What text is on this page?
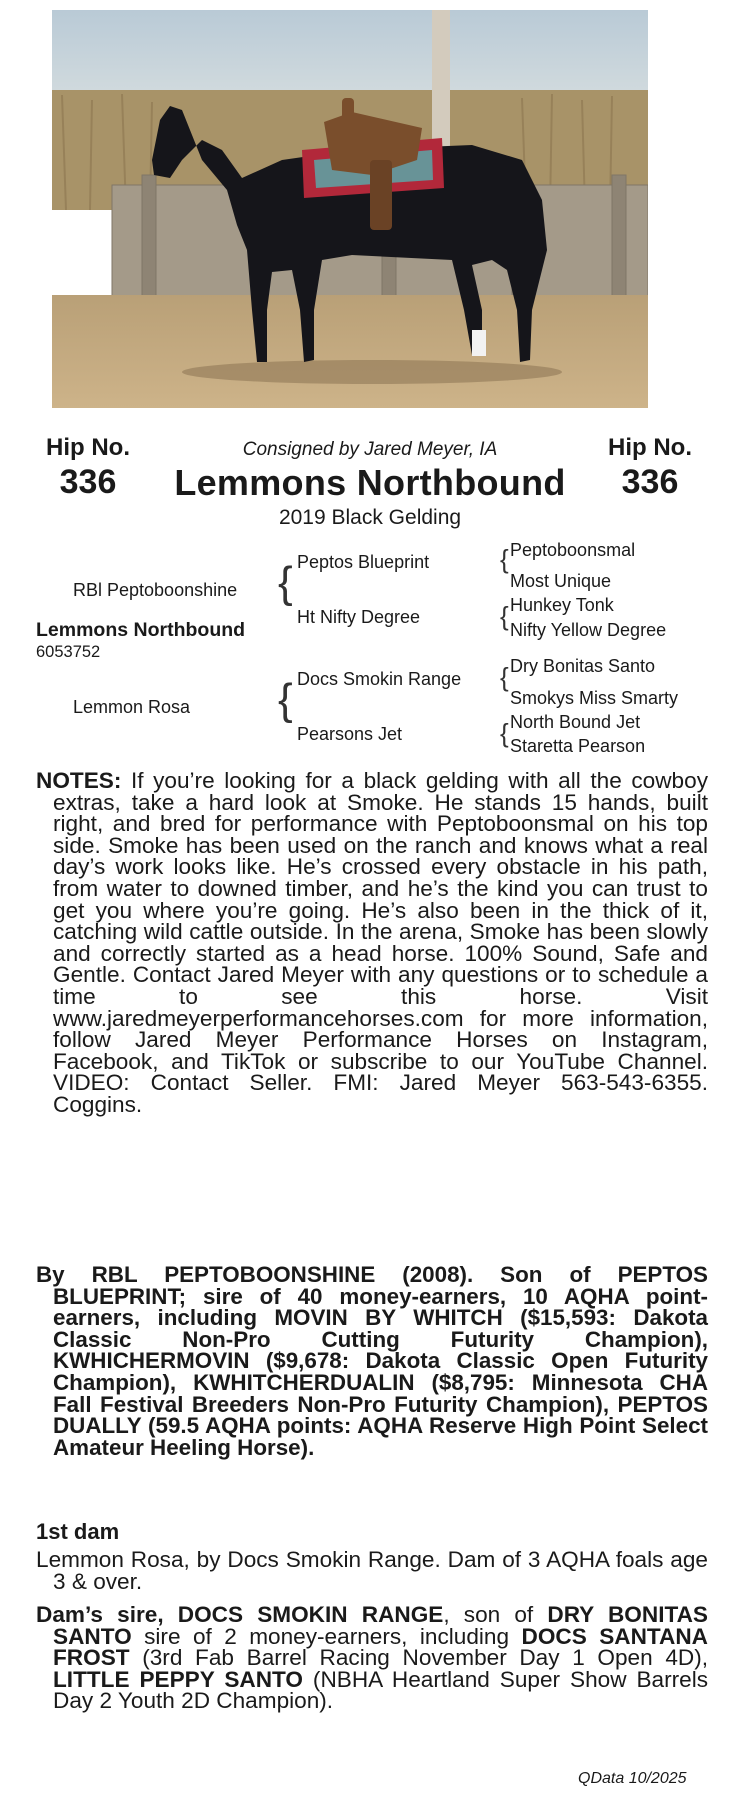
Hip No.
336
Hip No.
336
Consigned by Jared Meyer, IA
Lemmons Northbound
2019 Black Gelding
RBl Peptoboonshine
Lemmons Northbound
6053752
Lemmon Rosa
{
{
Peptos Blueprint
Ht Nifty Degree
Docs Smokin Range
Pearsons Jet
{
{
{
{
Peptoboonsmal
Most Unique
Hunkey Tonk
Nifty Yellow Degree
Dry Bonitas Santo
Smokys Miss Smarty
North Bound Jet
Staretta Pearson

NOTES: If you’re looking for a black gelding with all the cowboy extras, take a hard look at Smoke. He stands 15 hands, built right, and bred for performance with Peptoboonsmal on his top side. Smoke has been used on the ranch and knows what a real day’s work looks like. He’s crossed every obstacle in his path, from water to downed timber, and he’s the kind you can trust to get you where you’re going. He’s also been in the thick of it, catching wild cattle outside. In the arena, Smoke has been slowly and correctly started as a head horse. 100% Sound, Safe and Gentle. Contact Jared Meyer with any questions or to schedule a time to see this horse. Visit www.jaredmeyerperformancehorses.com for more information, follow Jared Meyer Performance Horses on Instagram, Facebook, and TikTok or subscribe to our YouTube Channel. VIDEO: Contact Seller. FMI: Jared Meyer 563-543-6355. Coggins.

By RBL PEPTOBOONSHINE (2008). Son of PEPTOS BLUEPRINT; sire of 40 money-earners, 10 AQHA point-earners, including MOVIN BY WHITCH ($15,593: Dakota Classic Non-Pro Cutting Futurity Champion), KWHICHERMOVIN ($9,678: Dakota Classic Open Futurity Champion), KWHITCHERDUALIN ($8,795: Minnesota CHA Fall Festival Breeders Non-Pro Futurity Champion), PEPTOS DUALLY (59.5 AQHA points: AQHA Reserve High Point Select Amateur Heeling Horse).

1st dam

Lemmon Rosa, by Docs Smokin Range. Dam of 3 AQHA foals age 3 & over.

Dam’s sire, DOCS SMOKIN RANGE, son of DRY BONITAS SANTO sire of 2 money-earners, including DOCS SANTANA FROST (3rd Fab Barrel Racing November Day 1 Open 4D), LITTLE PEPPY SANTO (NBHA Heartland Super Show Barrels Day 2 Youth 2D Champion).

QData 10/2025
